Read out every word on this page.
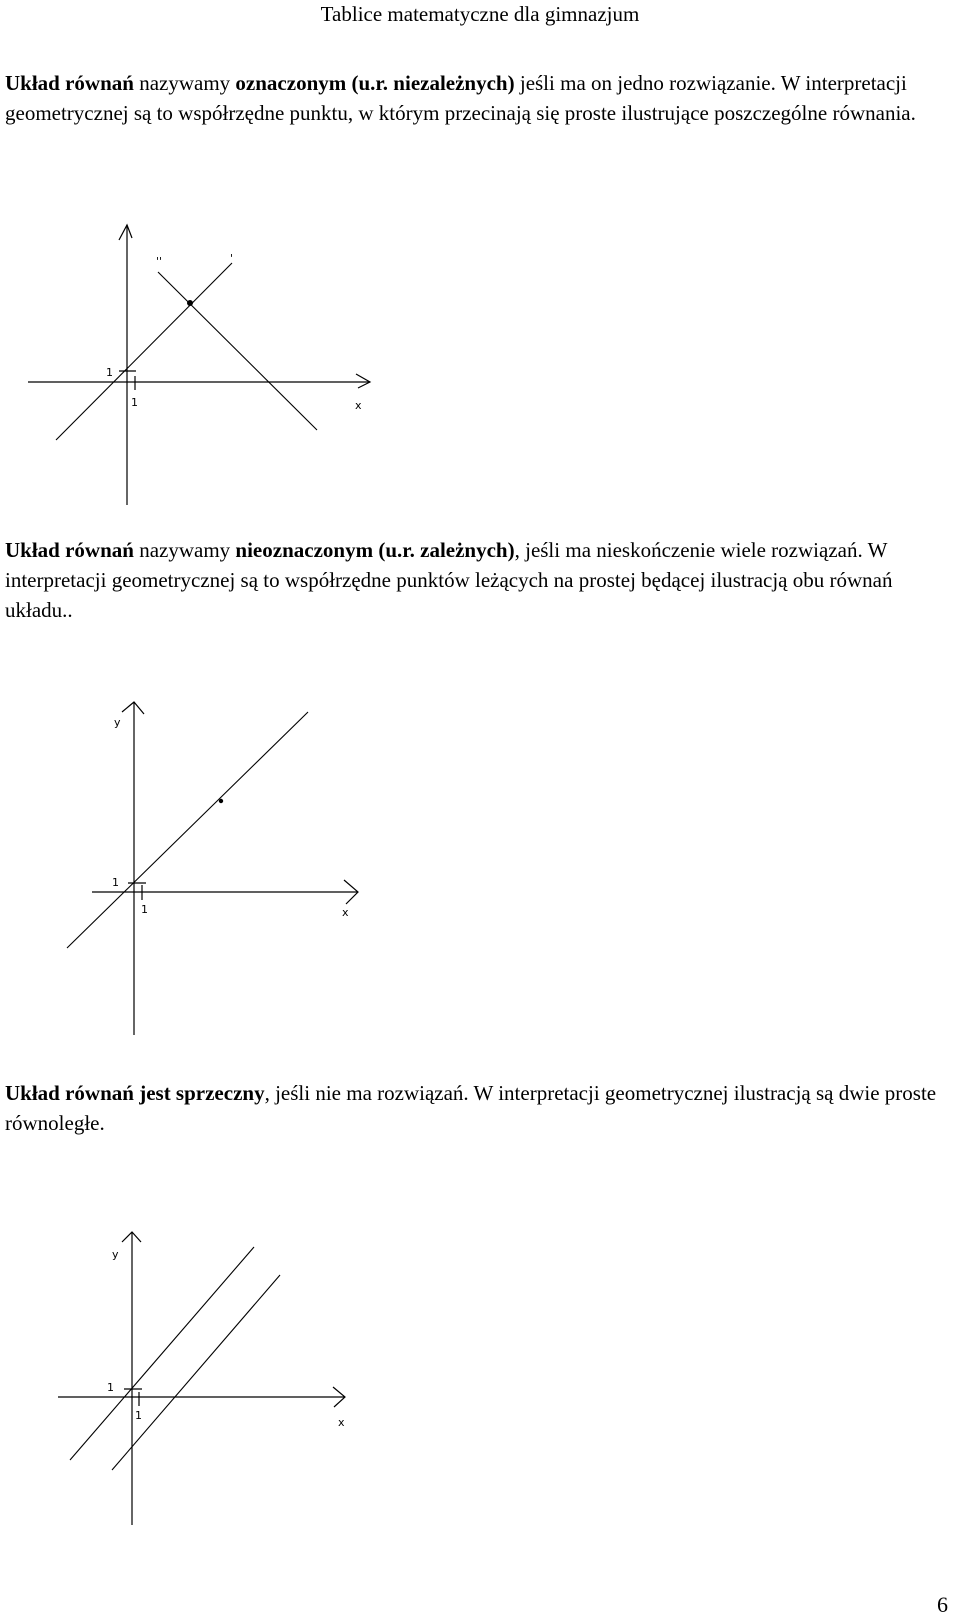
Tablice matematyczne dla gimnazjum
Układ równań nazywamy oznaczonym (u.r. niezależnych) jeśli ma on jedno rozwiązanie. W interpretacji geometrycznej są to współrzędne punktu, w którym przecinają się proste ilustrujące poszczególne równania.
1
1	x
''	'
Układ równań nazywamy nieoznaczonym (u.r. zależnych), jeśli ma nieskończenie wiele rozwiązań. W interpretacji geometrycznej są to współrzędne punktów leżących na prostej będącej ilustracją obu równań układu..
1
1
y
x
Układ równań jest sprzeczny, jeśli nie ma rozwiązań. W interpretacji geometrycznej ilustracją są dwie proste równoległe.
1
1
y
x
6
